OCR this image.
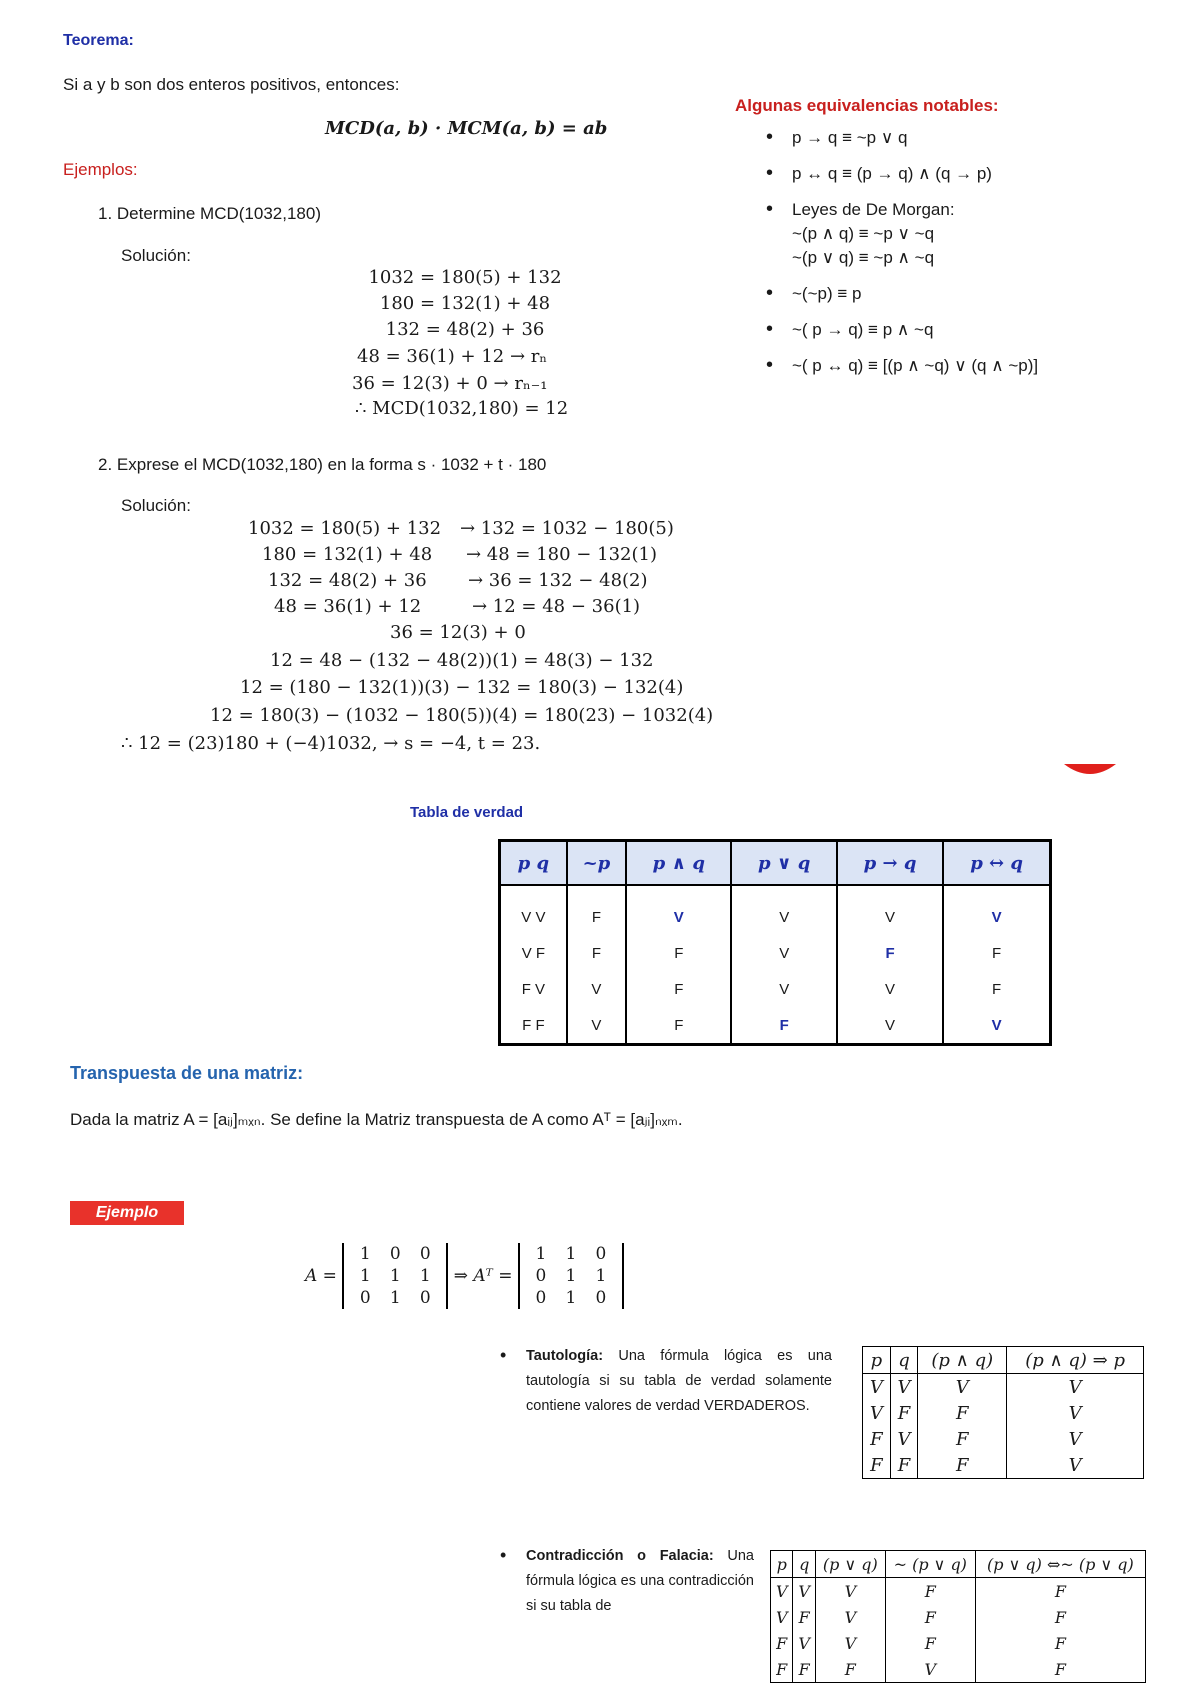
Teorema:
Si a y b son dos enteros positivos, entonces:
MCD(a, b) · MCM(a, b) = ab
Ejemplos:
1. Determine MCD(1032,180)
Solución:
1032 = 180(5) + 132
180 = 132(1) + 48
132 = 48(2) + 36
48 = 36(1) + 12 → rₙ
36 = 12(3) + 0 → rₙ₋₁
∴ MCD(1032,180) = 12
2. Exprese el MCD(1032,180) en la forma s · 1032 + t · 180
Solución:
1032 = 180(5) + 132
180 = 132(1) + 48
132 = 48(2) + 36
48 = 36(1) + 12
→ 132 = 1032 − 180(5)
→ 48 = 180 − 132(1)
→ 36 = 132 − 48(2)
→ 12 = 48 − 36(1)
36 = 12(3) + 0
12 = 48 − (132 − 48(2))(1) = 48(3) − 132
12 = (180 − 132(1))(3) − 132 = 180(3) − 132(4)
12 = 180(3) − (1032 − 180(5))(4) = 180(23) − 1032(4)
∴ 12 = (23)180 + (−4)1032, → s = −4, t = 23.
Algunas equivalencias notables:
• p → q ≡ ~p ∨ q
• p ↔ q ≡ (p → q) ∧ (q → p)
• Leyes de De Morgan:
~(p ∧ q) ≡ ~p ∨ ~q
~(p ∨ q) ≡ ~p ∧ ~q
• ~(~p) ≡ p
• ~( p → q) ≡ p ∧ ~q
• ~( p ↔ q) ≡ [(p ∧ ~q) ∨ (q ∧ ~p)]
Tabla de verdad
p q	~p	p ∧ q	p ∨ q	p → q	p ↔ q
V V	F	V	V	V	V
V F	F	F	V	F	F
F V	V	F	V	V	F
F F	V	F	F	V	V
Transpuesta de una matriz:
Dada la matriz A = [aᵢⱼ]ₘₓₙ. Se define la Matriz transpuesta de A como Aᵀ = [aⱼᵢ]ₙₓₘ.
Ejemplo
A =
1 0 0
1 1 1
0 1 0
⇒ Aᵀ =
1 1 0
0 1 1
0 1 0
• Tautología: Una fórmula lógica es una tautología si su tabla de verdad solamente contiene valores de verdad VERDADEROS.
p	q	(p ∧ q)	(p ∧ q) ⇒ p
V	V	V	V
V	F	F	V
F	V	F	V
F	F	F	V
• Contradicción o Falacia: Una fórmula lógica es una contradicción si su tabla de
p	q	(p ∨ q)	~ (p ∨ q)	(p ∨ q) ⇔~ (p ∨ q)
V	V	V	F	F
V	F	V	F	F
F	V	V	F	F
F	F	F	V	F
